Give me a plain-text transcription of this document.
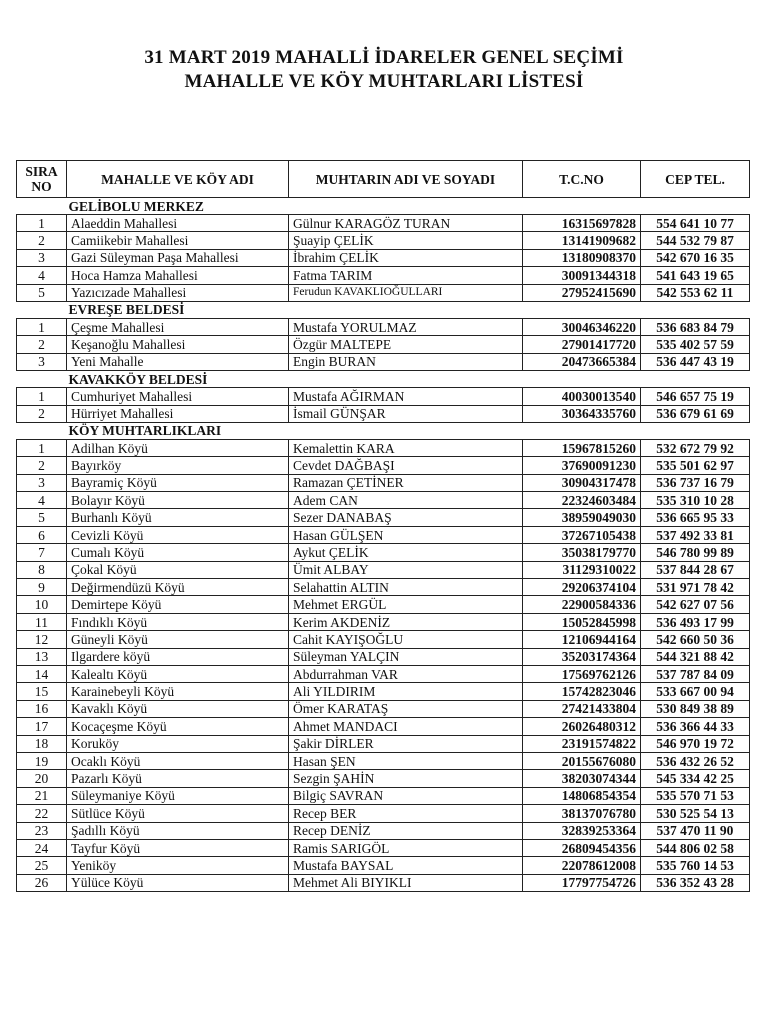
31 MART 2019 MAHALLİ İDARELER GENEL SEÇİMİ
MAHALLE VE KÖY MUHTARLARI LİSTESİ
SIRA
NO	MAHALLE VE KÖY ADI	MUHTARIN ADI VE SOYADI	T.C.NO	CEP TEL.
GELİBOLU MERKEZ				
1	Alaeddin Mahallesi	Gülnur KARAGÖZ TURAN	16315697828	554 641 10 77
2	Camiikebir Mahallesi	Şuayip ÇELİK	13141909682	544 532 79 87
3	Gazi Süleyman Paşa Mahallesi	İbrahim ÇELİK	13180908370	542 670 16 35
4	Hoca Hamza Mahallesi	Fatma TARIM	30091344318	541 643 19 65
5	Yazıcızade Mahallesi	Ferudun KAVAKLIOĞULLARI	27952415690	542 553 62 11
EVREŞE BELDESİ				
1	Çeşme Mahallesi	Mustafa YORULMAZ	30046346220	536 683 84 79
2	Keşanoğlu Mahallesi	Özgür MALTEPE	27901417720	535 402 57 59
3	Yeni Mahalle	Engin BURAN	20473665384	536 447 43 19
KAVAKKÖY BELDESİ				
1	Cumhuriyet Mahallesi	Mustafa AĞIRMAN	40030013540	546 657 75 19
2	Hürriyet Mahallesi	İsmail GÜNŞAR	30364335760	536 679 61 69
KÖY MUHTARLIKLARI				
1	Adilhan Köyü	Kemalettin KARA	15967815260	532 672 79 92
2	Bayırköy	Cevdet DAĞBAŞI	37690091230	535 501 62 97
3	Bayramiç Köyü	Ramazan ÇETİNER	30904317478	536 737 16 79
4	Bolayır Köyü	Adem CAN	22324603484	535 310 10 28
5	Burhanlı Köyü	Sezer DANABAŞ	38959049030	536 665 95 33
6	Cevizli Köyü	Hasan GÜLŞEN	37267105438	537 492 33 81
7	Cumalı Köyü	Aykut ÇELİK	35038179770	546 780 99 89
8	Çokal Köyü	Ümit ALBAY	31129310022	537 844 28 67
9	Değirmendüzü Köyü	Selahattin ALTIN	29206374104	531 971 78 42
10	Demirtepe Köyü	Mehmet ERGÜL	22900584336	542 627 07 56
11	Fındıklı Köyü	Kerim AKDENİZ	15052845998	536 493 17 99
12	Güneyli Köyü	Cahit KAYIŞOĞLU	12106944164	542 660 50 36
13	Ilgardere köyü	Süleyman YALÇIN	35203174364	544 321 88 42
14	Kalealtı Köyü	Abdurrahman VAR	17569762126	537 787 84 09
15	Karainebeyli Köyü	Ali YILDIRIM	15742823046	533 667 00 94
16	Kavaklı Köyü	Ömer KARATAŞ	27421433804	530 849 38 89
17	Kocaçeşme Köyü	Ahmet MANDACI	26026480312	536 366 44 33
18	Koruköy	Şakir DİRLER	23191574822	546 970 19 72
19	Ocaklı Köyü	Hasan ŞEN	20155676080	536 432 26 52
20	Pazarlı Köyü	Sezgin ŞAHİN	38203074344	545 334 42 25
21	Süleymaniye Köyü	Bilgiç SAVRAN	14806854354	535 570 71 53
22	Sütlüce Köyü	Recep BER	38137076780	530 525 54 13
23	Şadıllı Köyü	Recep DENİZ	32839253364	537 470 11 90
24	Tayfur Köyü	Ramis SARIGÖL	26809454356	544 806 02 58
25	Yeniköy	Mustafa BAYSAL	22078612008	535 760 14 53
26	Yülüce Köyü	Mehmet Ali BIYIKLI	17797754726	536 352 43 28
